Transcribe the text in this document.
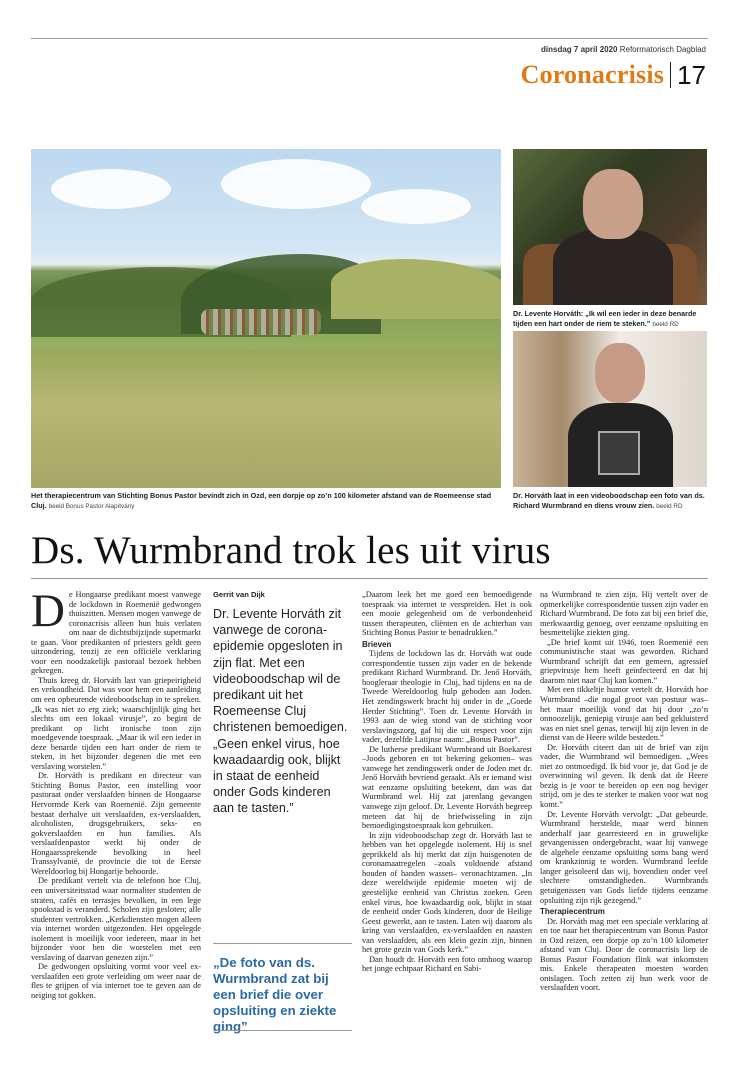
dinsdag 7 april 2020 Reformatorisch Dagblad
Coronacrisis 17
Dr. Levente Horváth: „Ik wil een ieder in deze benarde tijden een hart onder de riem te steken.” beeld RD
Dr. Horváth laat in een videoboodschap een foto van ds. Richard Wurmbrand en diens vrouw zien. beeld RD
Het therapiecentrum van Stichting Bonus Pastor bevindt zich in Ozd, een dorpje op zo’n 100 kilometer afstand van de Roemeense stad Cluj. beeld Bonus Pastor Alapítvány
Ds. Wurmbrand trok les uit virus
D e Hongaarse predikant moest vanwege de lockdown in Roemenië gedwongen thuiszitten. Mensen mogen vanwege de coronacrisis alleen hun huis verlaten om naar de dichtstbijzijnde supermarkt te gaan. Voor predikanten of priesters geldt geen uitzondering, tenzij ze een officiële verklaring voor een noodzakelijk pastoraal bezoek hebben gekregen.

Thuis kreeg dr. Horváth last van griepeirigheid en verkoudheid. Dat was voor hem een aanleiding om een opbeurende videoboodschap in te spreken. „Ik was niet zo erg ziek; waarschijnlijk ging het slechts om een lokaal virusje”, zo begint de predikant op licht ironische toon zijn moedgevende toespraak. „Maar ik wil een ieder in deze benarde tijden een hart onder de riem te steken, in het bijzonder degenen die met een verslaving worstelen.”

Dr. Horváth is predikant en directeur van Stichting Bonus Pastor, een instelling voor pastoraat onder verslaafden binnen de Hongaarse Hervormde Kerk van Roemenië. Zijn gemeente bestaat derhalve uit verslaafden, ex-verslaafden, alcoholisten, drugsgebruikers, seks- en gokverslaafden en hun families. Als verslaafdenpastor werkt hij onder de Hongaarssprekende bevolking in heel Transsylvanië, de provincie die tot de Eerste Wereldoorlog bij Hongarije behoorde.

De predikant vertelt via de telefoon hoe Cluj, een universiteitsstad waar normaliter studenten de straten, cafés en terrasjes bevolken, in een lege spookstad is veranderd. Scholen zijn gesloten; alle studenten vertrokken. „Kerkdiensten mogen alleen via internet worden uitgezonden. Het opgelegde isolement is moeilijk voor iedereen, maar in het bijzonder voor hen die worstelen met een verslaving of daarvan genezen zijn.”

De gedwongen opsluiting vormt voor veel ex-verslaafden een grote verleiding om weer naar de fles te grijpen of via internet toe te geven aan de neiging tot gokken.

Gerrit van Dijk
Dr. Levente Horváth zit vanwege de corona-epidemie opgesloten in zijn flat. Met een videoboodschap wil de predikant uit het Roemeense Cluj christenen bemoedigen. „Geen enkel virus, hoe kwaadaardig ook, blijkt in staat de eenheid onder Gods kinderen aan te tasten.”
„De foto van ds. Wurmbrand zat bij een brief die over opsluiting en ziekte ging”

„Daarom leek het me goed een bemoedigende toespraak via internet te verspreiden. Het is ook een mooie gelegenheid om de verbondenheid tussen therapeuten, cliënten en de achterban van Stichting Bonus Pastor te benadrukken.”

Brieven

Tijdens de lockdown las dr. Horváth wat oude correspondentie tussen zijn vader en de bekende predikant Richard Wurmbrand. Dr. Jenő Horváth, hoogleraar theologie in Cluj, had tijdens en na de Tweede Wereldoorlog hulp geboden aan Joden. Het zendingswerk bracht hij onder in de „Goede Herder Stichting”. Toen dr. Levente Horváth in 1993 aan de wieg stond van de stichting voor verslavingszorg, gaf hij die uit respect voor zijn vader, dezelfde Latijnse naam: „Bonus Pastor”.

De lutherse predikant Wurmbrand uit Boekarest –Joods geboren en tot bekering gekomen– was vanwege het zendingswerk onder de Joden met dr. Jenő Horváth bevriend geraakt. Als er iemand wist wat eenzame opsluiting betekent, dan was dat Wurmbrand wel. Hij zat jarenlang gevangen vanwege zijn geloof. Dr. Levente Horváth begreep meteen dat hij de briefwisseling in zijn bemoedigingstoespraak kon gebruiken.

In zijn videoboodschap zegt dr. Horváth last te hebben van het opgelegde isolement. Hij is snel geprikkeld als hij merkt dat zijn huisgenoten de coronamaatregelen –zoals voldoende afstand houden of handen wassen– veronachtzamen. „In deze wereldwijde epidemie moeten wij de geestelijke eenheid van Christus zoeken. Geen enkel virus, hoe kwaadaardig ook, blijkt in staat de eenheid onder Gods kinderen, door de Heilige Geest gewerkt, aan te tasten. Laten wij daarom als kring van verslaafden, ex-verslaafden en naasten van verslaafden, als een klein gezin zijn, binnen het grote gezin van Gods kerk.”

Dan houdt dr. Horváth een foto omhoog waarop het jonge echtpaar Richard en Sabi-

na Wurmbrand te zien zijn. Hij vertelt over de opmerkelijke correspondentie tussen zijn vader en Richard Wurmbrand. De foto zat bij een brief die, merkwaardig genoeg, over eenzame opsluiting en besmettelijke ziekten ging.

„De brief komt uit 1946, toen Roemenië een communistische staat was geworden. Richard Wurmbrand schrijft dat een gemeen, agressief griepvirusje hem heeft geïnfecteerd en dat hij daarom niet naar Cluj kan komen.”

Met een tikkeltje humor vertelt dr. Horváth hoe Wurmbrand –die nogal groot van postuur was– het maar moeilijk vond dat hij door „zo’n onnoozelijk, geniepig virusje aan bed gekluisterd was en niet snel genas, terwijl hij zijn leven in de dienst van de Heere wilde besteden.”

Dr. Horváth citeert dan uit de brief van zijn vader, die Wurmbrand wil bemoedigen. „Wees niet zo ontmoedigd. Ik bid voor je, dat God je de overwinning wil geven. Ik denk dat de Heere bezig is je voor te bereiden op een nog heviger strijd, om je des te sterker te maken voor wat nog komt.”

Dr. Levente Horváth vervolgt: „Dat gebeurde. Wurmbrand herstelde, maar werd binnen anderhalf jaar gearresteerd en in gruwelijke gevangenissen ondergebracht, waar hij vanwege de algehele eenzame opsluiting soms bang werd om krankzinnig te worden. Wurmbrand leefde langer geïsoleerd dan wij, bovendien onder veel slechtere omstandigheden. Wurmbrands getuigenissen van Gods liefde tijdens eenzame opsluiting zijn rijk gezegend.”

Therapiecentrum

Dr. Horváth mag met een speciale verklaring af en toe naar het therapiecentrum van Bonus Pastor in Ozd reizen, een dorpje op zo’n 100 kilometer afstand van Cluj. Door de coronacrisis liep de Bonus Pastor Foundation flink wat inkomsten mis. Enkele therapeuten moesten worden ontslagen. Toch zetten zij hun werk voor de verslaafden voort.
